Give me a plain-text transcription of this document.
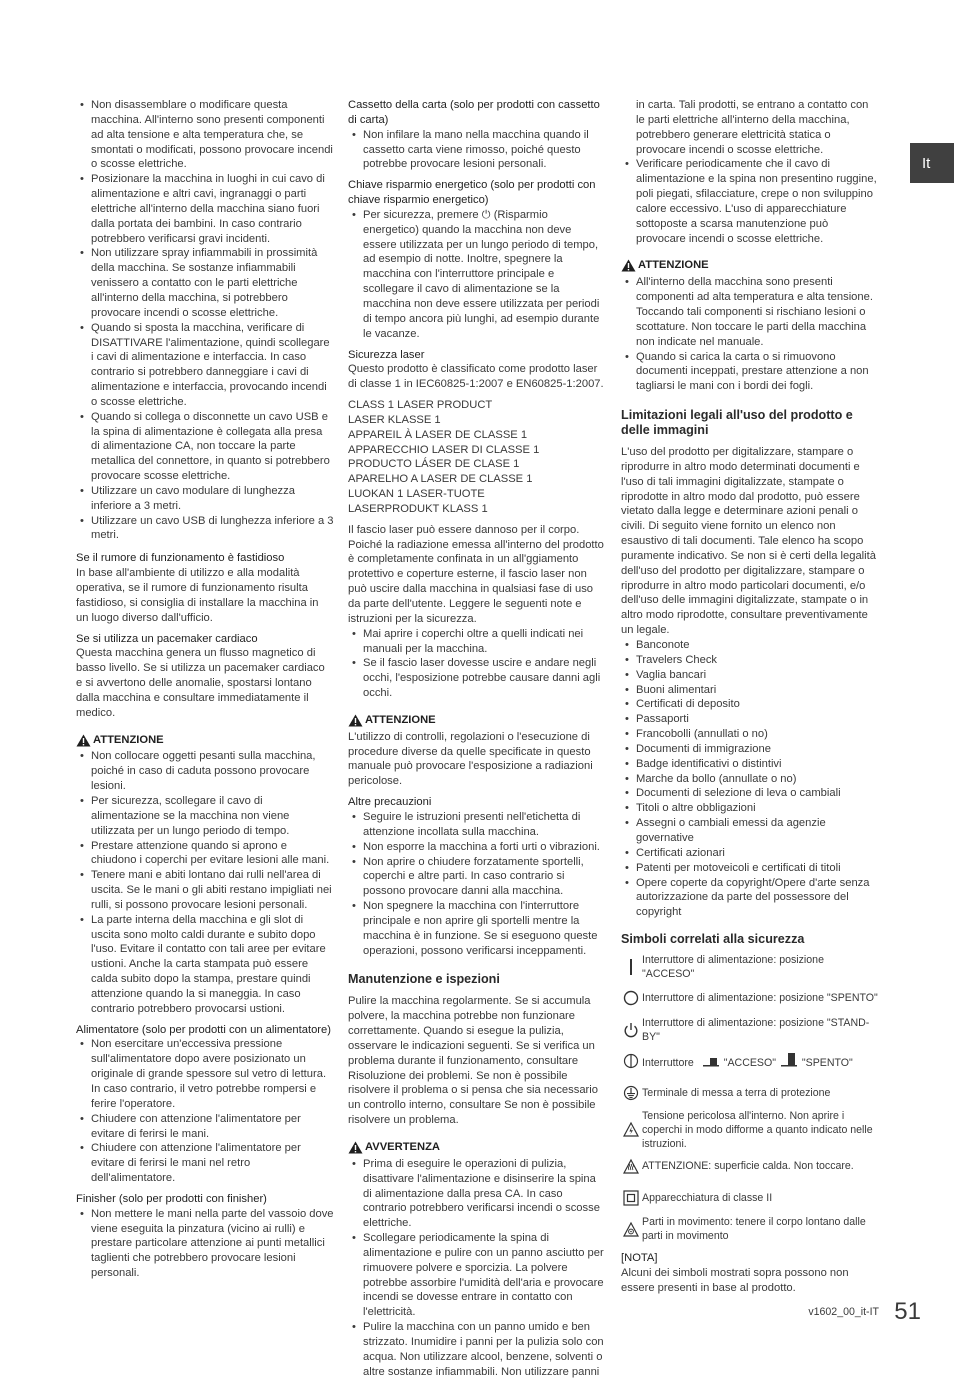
It
• Non disassemblare o modificare questa macchina. All'interno sono presenti componenti ad alta tensione e alta temperatura che, se smontati o modificati, possono provocare incendi o scosse elettriche.
• Posizionare la macchina in luoghi in cui cavo di alimentazione e altri cavi, ingranaggi o parti elettriche all'interno della macchina siano fuori dalla portata dei bambini. In caso contrario potrebbero verificarsi gravi incidenti.
• Non utilizzare spray infiammabili in prossimità della macchina. Se sostanze infiammabili venissero a contatto con le parti elettriche all'interno della macchina, si potrebbero provocare incendi o scosse elettriche.
• Quando si sposta la macchina, verificare di DISATTIVARE l'alimentazione, quindi scollegare i cavi di alimentazione e interfaccia. In caso contrario si potrebbero danneggiare i cavi di alimentazione e interfaccia, provocando incendi o scosse elettriche.
• Quando si collega o disconnette un cavo USB e la spina di alimentazione è collegata alla presa di alimentazione CA, non toccare la parte metallica del connettore, in quanto si potrebbero provocare scosse elettriche.
• Utilizzare un cavo modulare di lunghezza inferiore a 3 metri.
• Utilizzare un cavo USB di lunghezza inferiore a 3 metri.
Se il rumore di funzionamento è fastidioso
In base all'ambiente di utilizzo e alla modalità operativa, se il rumore di funzionamento risulta fastidioso, si consiglia di installare la macchina in un luogo diverso dall'ufficio.
Se si utilizza un pacemaker cardiaco
Questa macchina genera un flusso magnetico di basso livello. Se si utilizza un pacemaker cardiaco e si avvertono delle anomalie, spostarsi lontano dalla macchina e consultare immediatamente il medico.
ATTENZIONE
• Non collocare oggetti pesanti sulla macchina, poiché in caso di caduta possono provocare lesioni.
• Per sicurezza, scollegare il cavo di alimentazione se la macchina non viene utilizzata per un lungo periodo di tempo.
• Prestare attenzione quando si aprono e chiudono i coperchi per evitare lesioni alle mani.
• Tenere mani e abiti lontano dai rulli nell'area di uscita. Se le mani o gli abiti restano impigliati nei rulli, si possono provocare lesioni personali.
• La parte interna della macchina e gli slot di uscita sono molto caldi durante e subito dopo l'uso. Evitare il contatto con tali aree per evitare ustioni. Anche la carta stampata può essere calda subito dopo la stampa, prestare quindi attenzione quando la si maneggia. In caso contrario potrebbero provocarsi ustioni.
Alimentatore (solo per prodotti con un alimentatore)
• Non esercitare un'eccessiva pressione sull'alimentatore dopo avere posizionato un originale di grande spessore sul vetro di lettura. In caso contrario, il vetro potrebbe rompersi e ferire l'operatore.
• Chiudere con attenzione l'alimentatore per evitare di ferirsi le mani.
• Chiudere con attenzione l'alimentatore per evitare di ferirsi le mani nel retro dell'alimentatore.
Finisher (solo per prodotti con finisher)
• Non mettere le mani nella parte del vassoio dove viene eseguita la pinzatura (vicino ai rulli) e prestare particolare attenzione ai punti metallici taglienti che potrebbero provocare lesioni personali.
Cassetto della carta (solo per prodotti con cassetto di carta)
• Non infilare la mano nella macchina quando il cassetto carta viene rimosso, poiché questo potrebbe provocare lesioni personali.
Chiave risparmio energetico (solo per prodotti con chiave risparmio energetico)
• Per sicurezza, premere ⏻ (Risparmio energetico) quando la macchina non deve essere utilizzata per un lungo periodo di tempo, ad esempio di notte. Inoltre, spegnere la macchina con l'interruttore principale e scollegare il cavo di alimentazione se la macchina non deve essere utilizzata per periodi di tempo ancora più lunghi, ad esempio durante le vacanze.
Sicurezza laser
Questo prodotto è classificato come prodotto laser di classe 1 in IEC60825-1:2007 e EN60825-1:2007.
CLASS 1 LASER PRODUCT
LASER KLASSE 1
APPAREIL À LASER DE CLASSE 1
APPARECCHIO LASER DI CLASSE 1
PRODUCTO LÁSER DE CLASE 1
APARELHO A LASER DE CLASSE 1
LUOKAN 1 LASER-TUOTE
LASERPRODUKT KLASS 1
Il fascio laser può essere dannoso per il corpo. Poiché la radiazione emessa all'interno del prodotto è completamente confinata in un all'ggiamento protettivo e coperture esterne, il fascio laser non può uscire dalla macchina in qualsiasi fase di uso da parte dell'utente. Leggere le seguenti note e istruzioni per la sicurezza.
• Mai aprire i coperchi oltre a quelli indicati nei manuali per la macchina.
• Se il fascio laser dovesse uscire e andare negli occhi, l'esposizione potrebbe causare danni agli occhi.
ATTENZIONE
L'utilizzo di controlli, regolazioni o l'esecuzione di procedure diverse da quelle specificate in questo manuale può provocare l'esposizione a radiazioni pericolose.
Altre precauzioni
• Seguire le istruzioni presenti nell'etichetta di attenzione incollata sulla macchina.
• Non esporre la macchina a forti urti o vibrazioni.
• Non aprire o chiudere forzatamente sportelli, coperchi e altre parti. In caso contrario si possono provocare danni alla macchina.
• Non spegnere la macchina con l'interruttore principale e non aprire gli sportelli mentre la macchina è in funzione. Se si eseguono queste operazioni, possono verificarsi inceppamenti.
Manutenzione e ispezioni
Pulire la macchina regolarmente. Se si accumula polvere, la macchina potrebbe non funzionare correttamente. Quando si esegue la pulizia, osservare le indicazioni seguenti. Se si verifica un problema durante il funzionamento, consultare Risoluzione dei problemi. Se non è possibile risolvere il problema o si pensa che sia necessario un controllo interno, consultare Se non è possibile risolvere un problema.
AVVERTENZA
• Prima di eseguire le operazioni di pulizia, disattivare l'alimentazione e disinserire la spina di alimentazione dalla presa CA. In caso contrario potrebbero verificarsi incendi o scosse elettriche.
• Scollegare periodicamente la spina di alimentazione e pulire con un panno asciutto per rimuovere polvere e sporcizia. La polvere potrebbe assorbire l'umidità dell'aria e provocare incendi se dovesse entrare in contatto con l'elettricità.
• Pulire la macchina con un panno umido e ben strizzato. Inumidire i panni per la pulizia solo con acqua. Non utilizzare alcool, benzene, solventi o altre sostanze infiammabili. Non utilizzare panni
in carta. Tali prodotti, se entrano a contatto con le parti elettriche all'interno della macchina, potrebbero generare elettricità statica o provocare incendi o scosse elettriche.
• Verificare periodicamente che il cavo di alimentazione e la spina non presentino ruggine, poli piegati, sfilacciature, crepe o non sviluppino calore eccessivo. L'uso di apparecchiature sottoposte a scarsa manutenzione può provocare incendi o scosse elettriche.
ATTENZIONE
• All'interno della macchina sono presenti componenti ad alta temperatura e alta tensione. Toccando tali componenti si rischiano lesioni o scottature. Non toccare le parti della macchina non indicate nel manuale.
• Quando si carica la carta o si rimuovono documenti inceppati, prestare attenzione a non tagliarsi le mani con i bordi dei fogli.
Limitazioni legali all'uso del prodotto e delle immagini
L'uso del prodotto per digitalizzare, stampare o riprodurre in altro modo determinati documenti e l'uso di tali immagini digitalizzate, stampate o riprodotte in altro modo dal prodotto, può essere vietato dalla legge e determinare azioni penali o civili. Di seguito viene fornito un elenco non esaustivo di tali documenti. Tale elenco ha scopo puramente indicativo. Se non si è certi della legalità dell'uso del prodotto per digitalizzare, stampare o riprodurre in altro modo particolari documenti, e/o dell'uso delle immagini digitalizzate, stampate o in altro modo riprodotte, consultare preventivamente un legale.
• Banconote
• Travelers Check
• Vaglia bancari
• Buoni alimentari
• Certificati di deposito
• Passaporti
• Francobolli (annullati o no)
• Documenti di immigrazione
• Badge identificativi o distintivi
• Marche da bollo (annullate o no)
• Documenti di selezione di leva o cambiali
• Titoli o altre obbligazioni
• Assegni o cambiali emessi da agenzie governative
• Certificati azionari
• Patenti per motoveicoli e certificati di titoli
• Opere coperte da copyright/Opere d'arte senza autorizzazione da parte del possessore del copyright
Simboli correlati alla sicurezza
Interruttore di alimentazione: posizione "ACCESO"
Interruttore di alimentazione: posizione "SPENTO"
Interruttore di alimentazione: posizione "STAND-BY"
Interruttore	"ACCESO" "SPENTO"
Terminale di messa a terra di protezione
Tensione pericolosa all'interno. Non aprire i coperchi in modo difforme a quanto indicato nelle istruzioni.
ATTENZIONE: superficie calda. Non toccare.
Apparecchiatura di classe II
Parti in movimento: tenere il corpo lontano dalle parti in movimento
[NOTA]
Alcuni dei simboli mostrati sopra possono non essere presenti in base al prodotto.
v1602_00_it-IT 51
